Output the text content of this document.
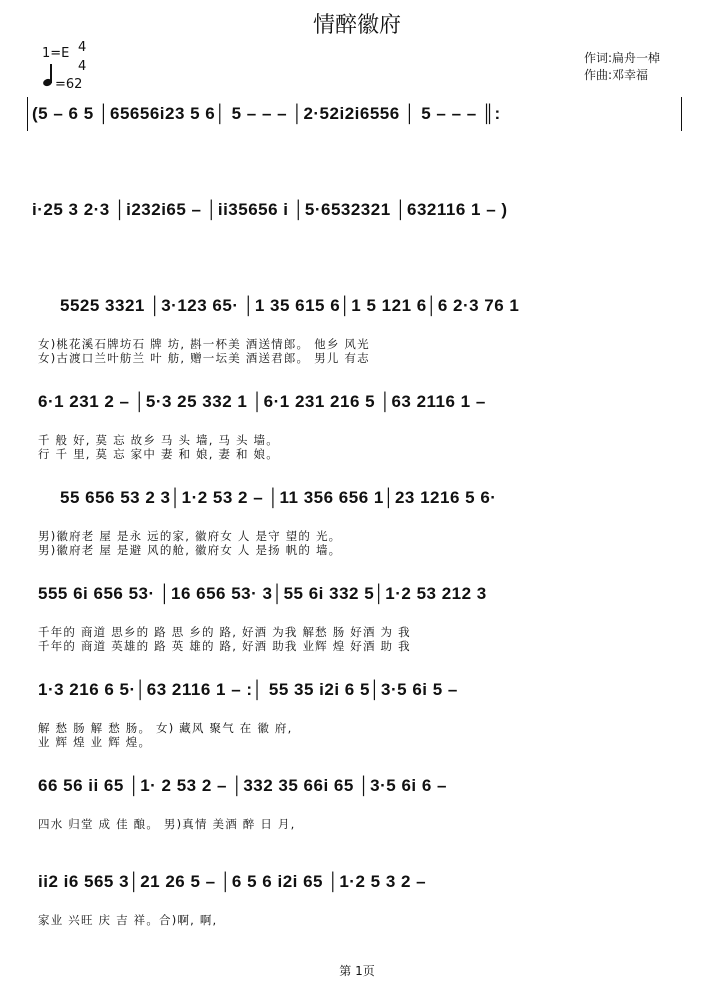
情醉徽府
1=E 4
4
=62
作词:扁舟一棹
作曲:邓幸福
(5 – 6 5 │65656i23 5 6│ 5 – – – │2·52i2i6556 │ 5 – – – ║:
i·25 3 2·3 │i232i65 – │ii35656 i │5·6532321 │632116 1 – )
5525 3321 │3·123 65· │1 35 615 6│1 5 121 6│6 2·3 76 1
女)桃花溪石牌坊石 牌 坊, 斟一杯美 酒送情郎。 他乡 风光
女)古渡口兰叶舫兰 叶 舫, 赠一坛美 酒送君郎。 男儿 有志
6·1 231 2 – │5·3 25 332 1 │6·1 231 216 5 │63 2116 1 –
千 般 好, 莫 忘 故乡 马 头 墙, 马 头 墙。
行 千 里, 莫 忘 家中 妻 和 娘, 妻 和 娘。
55 656 53 2 3│1·2 53 2 – │11 356 656 1│23 1216 5 6·
男)徽府老 屋 是永 远的家, 徽府女 人 是守 望的 光。
男)徽府老 屋 是避 风的舱, 徽府女 人 是扬 帆的 墙。
555 6i 656 53· │16 656 53· 3│55 6i 332 5│1·2 53 212 3
千年的 商道 思乡的 路 思 乡的 路, 好酒 为我 解愁 肠 好酒 为 我
千年的 商道 英雄的 路 英 雄的 路, 好酒 助我 业辉 煌 好酒 助 我
1·3 216 6 5·│63 2116 1 – :│ 55 35 i2i 6 5│3·5 6i 5 –
解 愁 肠 解 愁 肠。 女) 藏风 聚气 在 徽 府,
业 辉 煌 业 辉 煌。
66 56 ii 65 │1· 2 53 2 – │332 35 66i 65 │3·5 6i 6 –
四水 归堂 成 佳 酿。 男)真情 美酒 醉 日 月,
ii2 i6 565 3│21 26 5 – │6 5 6 i2i 65 │1·2 5 3 2 –
家业 兴旺 庆 吉 祥。合)啊, 啊,
第 1页
